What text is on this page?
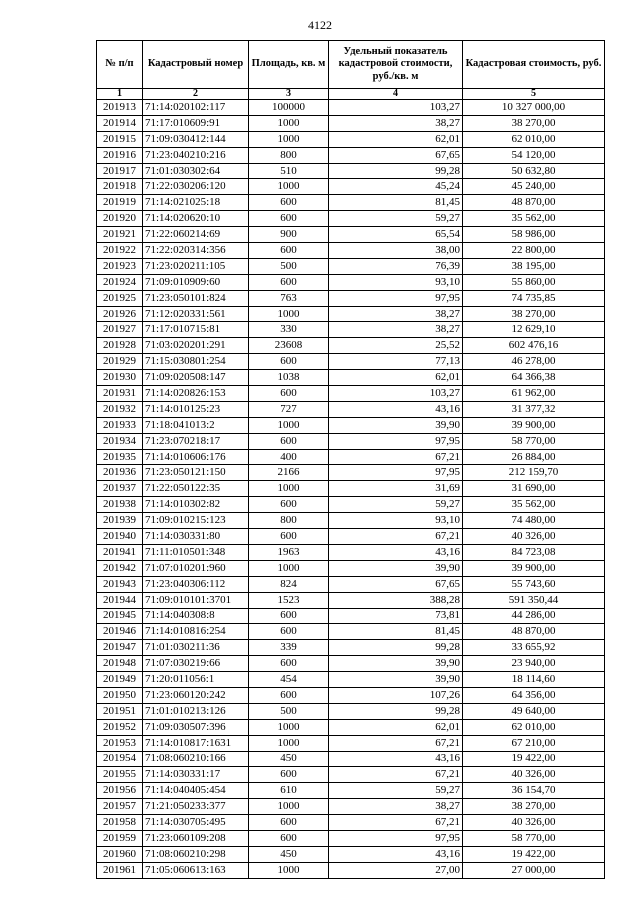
4122
№ п/п	Кадастровый номер	Площадь, кв. м	Удельный показатель кадастровой стоимости, руб./кв. м	Кадастровая стоимость, руб.
1	2	3	4	5
201913	71:14:020102:117	100000	103,27	10 327 000,00
201914	71:17:010609:91	1000	38,27	38 270,00
201915	71:09:030412:144	1000	62,01	62 010,00
201916	71:23:040210:216	800	67,65	54 120,00
201917	71:01:030302:64	510	99,28	50 632,80
201918	71:22:030206:120	1000	45,24	45 240,00
201919	71:14:021025:18	600	81,45	48 870,00
201920	71:14:020620:10	600	59,27	35 562,00
201921	71:22:060214:69	900	65,54	58 986,00
201922	71:22:020314:356	600	38,00	22 800,00
201923	71:23:020211:105	500	76,39	38 195,00
201924	71:09:010909:60	600	93,10	55 860,00
201925	71:23:050101:824	763	97,95	74 735,85
201926	71:12:020331:561	1000	38,27	38 270,00
201927	71:17:010715:81	330	38,27	12 629,10
201928	71:03:020201:291	23608	25,52	602 476,16
201929	71:15:030801:254	600	77,13	46 278,00
201930	71:09:020508:147	1038	62,01	64 366,38
201931	71:14:020826:153	600	103,27	61 962,00
201932	71:14:010125:23	727	43,16	31 377,32
201933	71:18:041013:2	1000	39,90	39 900,00
201934	71:23:070218:17	600	97,95	58 770,00
201935	71:14:010606:176	400	67,21	26 884,00
201936	71:23:050121:150	2166	97,95	212 159,70
201937	71:22:050122:35	1000	31,69	31 690,00
201938	71:14:010302:82	600	59,27	35 562,00
201939	71:09:010215:123	800	93,10	74 480,00
201940	71:14:030331:80	600	67,21	40 326,00
201941	71:11:010501:348	1963	43,16	84 723,08
201942	71:07:010201:960	1000	39,90	39 900,00
201943	71:23:040306:112	824	67,65	55 743,60
201944	71:09:010101:3701	1523	388,28	591 350,44
201945	71:14:040308:8	600	73,81	44 286,00
201946	71:14:010816:254	600	81,45	48 870,00
201947	71:01:030211:36	339	99,28	33 655,92
201948	71:07:030219:66	600	39,90	23 940,00
201949	71:20:011056:1	454	39,90	18 114,60
201950	71:23:060120:242	600	107,26	64 356,00
201951	71:01:010213:126	500	99,28	49 640,00
201952	71:09:030507:396	1000	62,01	62 010,00
201953	71:14:010817:1631	1000	67,21	67 210,00
201954	71:08:060210:166	450	43,16	19 422,00
201955	71:14:030331:17	600	67,21	40 326,00
201956	71:14:040405:454	610	59,27	36 154,70
201957	71:21:050233:377	1000	38,27	38 270,00
201958	71:14:030705:495	600	67,21	40 326,00
201959	71:23:060109:208	600	97,95	58 770,00
201960	71:08:060210:298	450	43,16	19 422,00
201961	71:05:060613:163	1000	27,00	27 000,00
